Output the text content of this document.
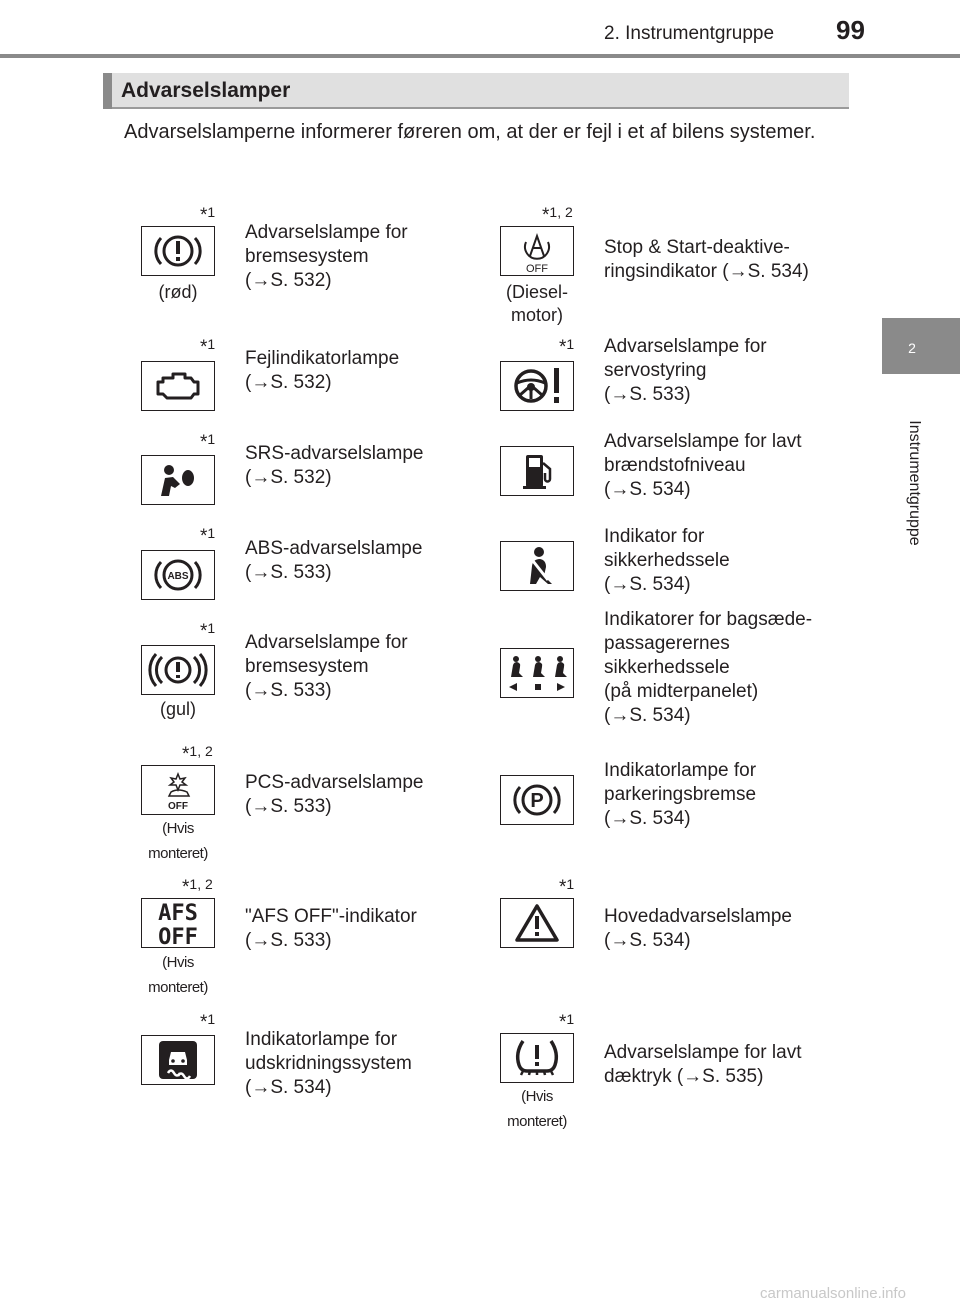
2. Instrumentgruppe 99
2
Instrumentgruppe
Advarselslamper
Advarselslamperne informerer føreren om, at der er fejl i et af bilens systemer.
*1
(rød)
Advarselslampe for
bremsesystem
(→S. 532)
*1
Fejlindikatorlampe
(→S. 532)
*1
SRS-advarselslampe
(→S. 532)
*1
ABS
ABS-advarselslampe
(→S. 533)
*1
(gul)
Advarselslampe for
bremsesystem
(→S. 533)
*1, 2
OFF
(Hvis
monteret)
PCS-advarselslampe
(→S. 533)
*1, 2
AFS
OFF
(Hvis
monteret)
"AFS OFF"-indikator
(→S. 533)
*1
Indikatorlampe for
udskridningssystem
(→S. 534)
*1, 2
OFF
(Diesel-
motor)
Stop & Start-deaktive-
ringsindikator (→S. 534)
*1 Advarselslampe for
servostyring
(→S. 533)
Advarselslampe for lavt
brændstofniveau
(→S. 534)
Indikator for
sikkerhedssele
(→S. 534)
Indikatorer for bagsæde-
passagerernes
sikkerhedssele
(på midterpanelet)
(→S. 534)
P
Indikatorlampe for
parkeringsbremse
(→S. 534)
*1
Hovedadvarselslampe
(→S. 534)
*1
(Hvis
monteret)
Advarselslampe for lavt
dæktryk (→S. 535)
carmanualsonline.info
